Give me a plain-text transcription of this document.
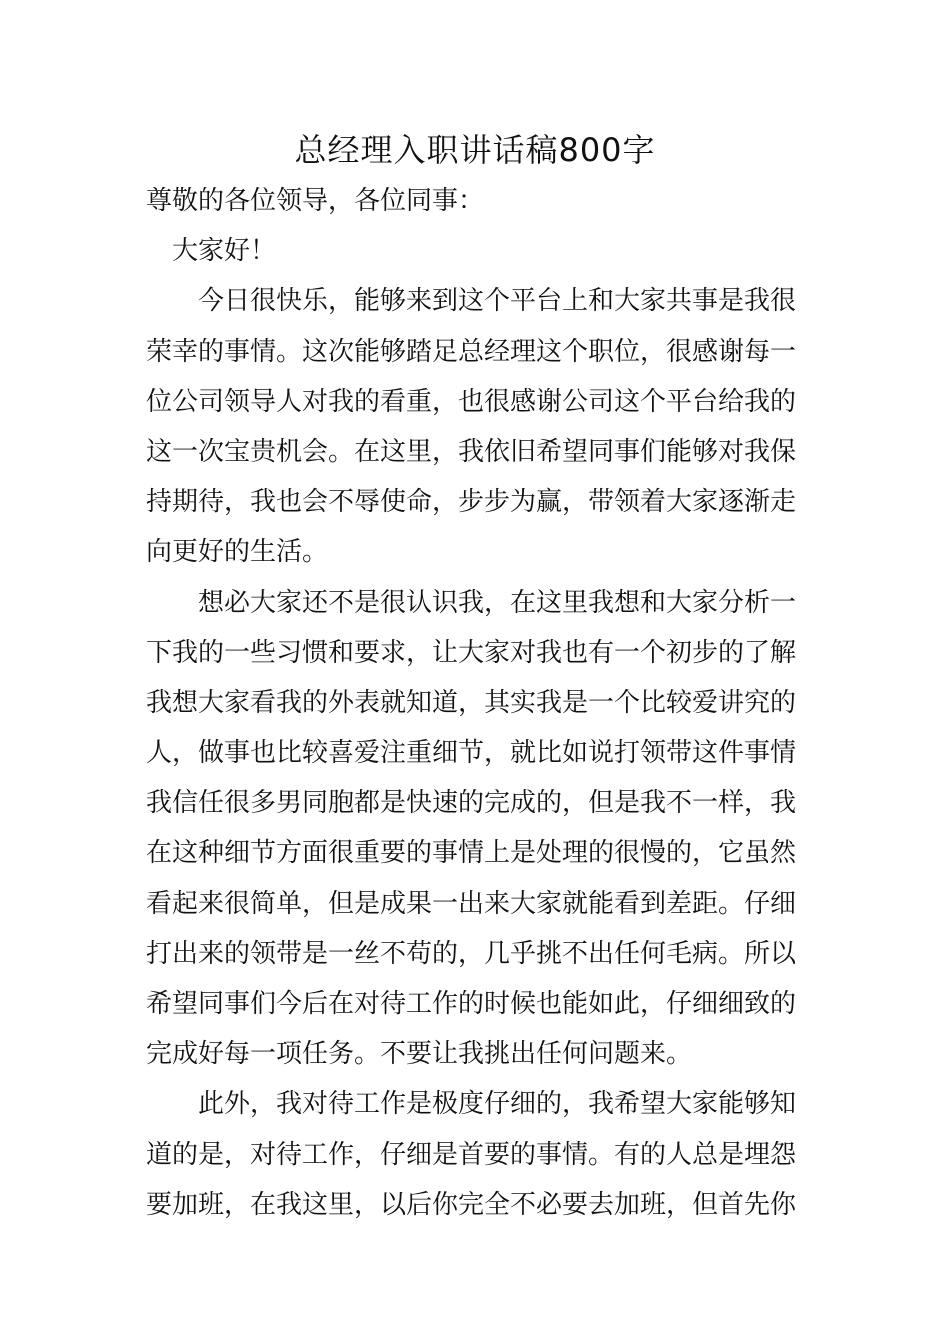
总经理入职讲话稿800字
尊敬的各位领导，各位同事：
　大家好！
　　今日很快乐，能够来到这个平台上和大家共事是我很
荣幸的事情。这次能够踏足总经理这个职位，很感谢每一
位公司领导人对我的看重，也很感谢公司这个平台给我的
这一次宝贵机会。在这里，我依旧希望同事们能够对我保
持期待，我也会不辱使命，步步为赢，带领着大家逐渐走
向更好的生活。
　　想必大家还不是很认识我，在这里我想和大家分析一
下我的一些习惯和要求，让大家对我也有一个初步的了解
我想大家看我的外表就知道，其实我是一个比较爱讲究的
人，做事也比较喜爱注重细节，就比如说打领带这件事情
我信任很多男同胞都是快速的完成的，但是我不一样，我
在这种细节方面很重要的事情上是处理的很慢的，它虽然
看起来很简单，但是成果一出来大家就能看到差距。仔细
打出来的领带是一丝不苟的，几乎挑不出任何毛病。所以
希望同事们今后在对待工作的时候也能如此，仔细细致的
完成好每一项任务。不要让我挑出任何问题来。
　　此外，我对待工作是极度仔细的，我希望大家能够知
道的是，对待工作，仔细是首要的事情。有的人总是埋怨
要加班，在我这里，以后你完全不必要去加班，但首先你
